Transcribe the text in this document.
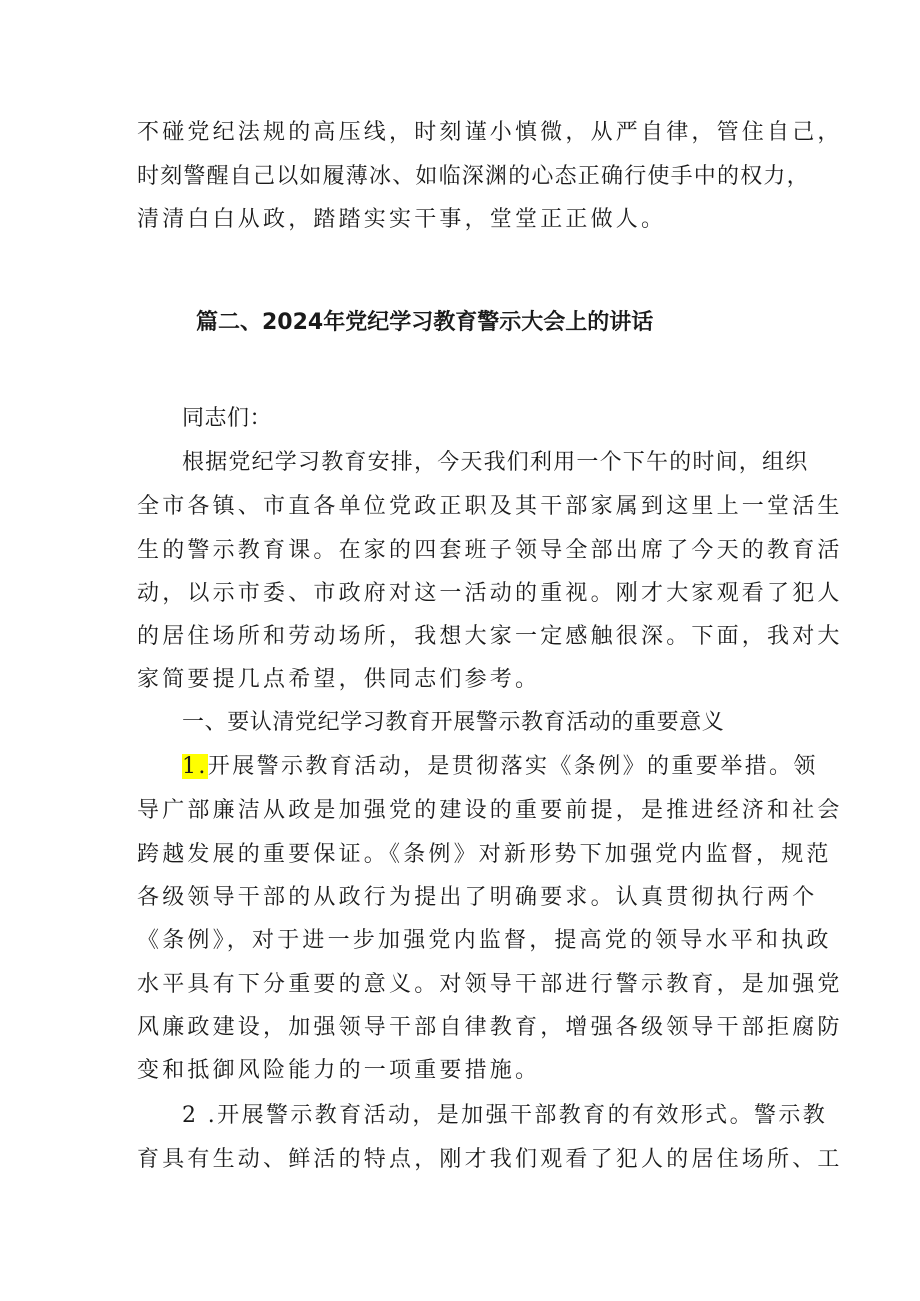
不碰党纪法规的高压线，时刻谨小慎微，从严自律，管住自己，
时刻警醒自己以如履薄冰、如临深渊的心态正确行使手中的权力，
清清白白从政，踏踏实实干事，堂堂正正做人。
篇二、2024年党纪学习教育警示大会上的讲话
同志们：
根据党纪学习教育安排，今天我们利用一个下午的时间，组织
全市各镇、市直各单位党政正职及其干部家属到这里上一堂活生
生的警示教育课。在家的四套班子领导全部出席了今天的教育活
动，以示市委、市政府对这一活动的重视。刚才大家观看了犯人
的居住场所和劳动场所，我想大家一定感触很深。下面，我对大
家简要提几点希望，供同志们参考。
一、要认清党纪学习教育开展警示教育活动的重要意义
1.开展警示教育活动，是贯彻落实《条例》的重要举措。领
导广部廉洁从政是加强党的建设的重要前提，是推进经济和社会
跨越发展的重要保证。《条例》对新形势下加强党内监督，规范
各级领导干部的从政行为提出了明确要求。认真贯彻执行两个
《条例》，对于进一步加强党内监督，提高党的领导水平和执政
水平具有下分重要的意义。对领导干部进行警示教育，是加强党
风廉政建设，加强领导干部自律教育，增强各级领导干部拒腐防
变和抵御风险能力的一项重要措施。
2 .开展警示教育活动，是加强干部教育的有效形式。警示教
育具有生动、鲜活的特点，刚才我们观看了犯人的居住场所、工
